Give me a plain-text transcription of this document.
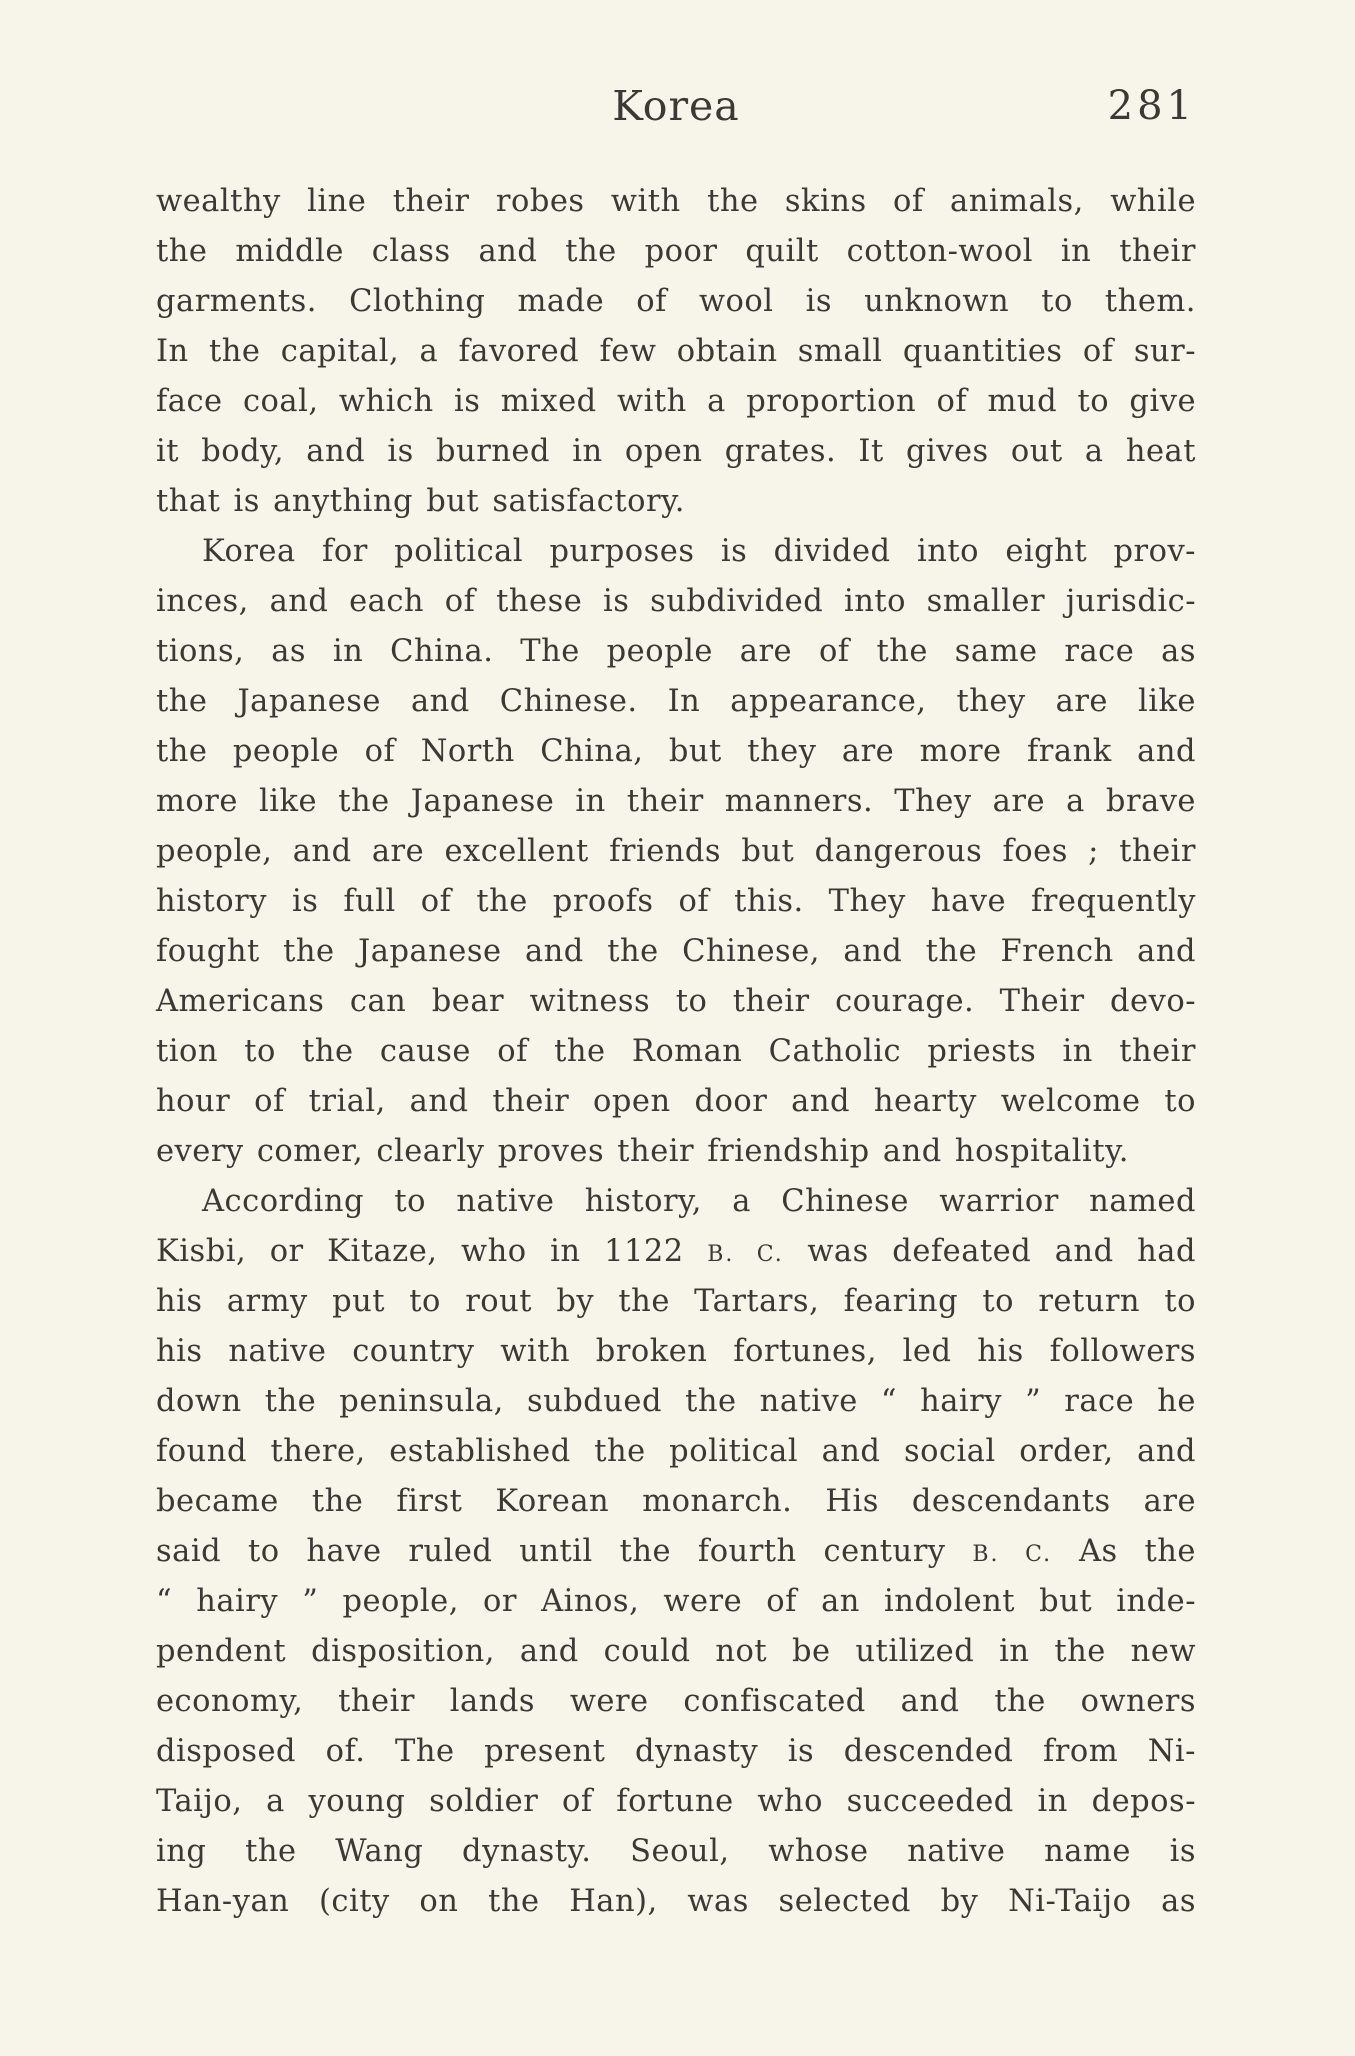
Korea	281
wealthy line their robes with the skins of animals, while
the middle class and the poor quilt cotton-wool in their
garments. Clothing made of wool is unknown to them.
In the capital, a favored few obtain small quantities of sur-
face coal, which is mixed with a proportion of mud to give
it body, and is burned in open grates. It gives out a heat
that is anything but satisfactory.
Korea for political purposes is divided into eight prov-
inces, and each of these is subdivided into smaller jurisdic-
tions, as in China. The people are of the same race as
the Japanese and Chinese. In appearance, they are like
the people of North China, but they are more frank and
more like the Japanese in their manners. They are a brave
people, and are excellent friends but dangerous foes ; their
history is full of the proofs of this. They have frequently
fought the Japanese and the Chinese, and the French and
Americans can bear witness to their courage. Their devo-
tion to the cause of the Roman Catholic priests in their
hour of trial, and their open door and hearty welcome to
every comer, clearly proves their friendship and hospitality.
According to native history, a Chinese warrior named
Kisbi, or Kitaze, who in 1122 B. C. was defeated and had
his army put to rout by the Tartars, fearing to return to
his native country with broken fortunes, led his followers
down the peninsula, subdued the native “ hairy ” race he
found there, established the political and social order, and
became the first Korean monarch. His descendants are
said to have ruled until the fourth century B. C. As the
“ hairy ” people, or Ainos, were of an indolent but inde-
pendent disposition, and could not be utilized in the new
economy, their lands were confiscated and the owners
disposed of. The present dynasty is descended from Ni-
Taijo, a young soldier of fortune who succeeded in depos-
ing the Wang dynasty. Seoul, whose native name is
Han-yan (city on the Han), was selected by Ni-Taijo as
